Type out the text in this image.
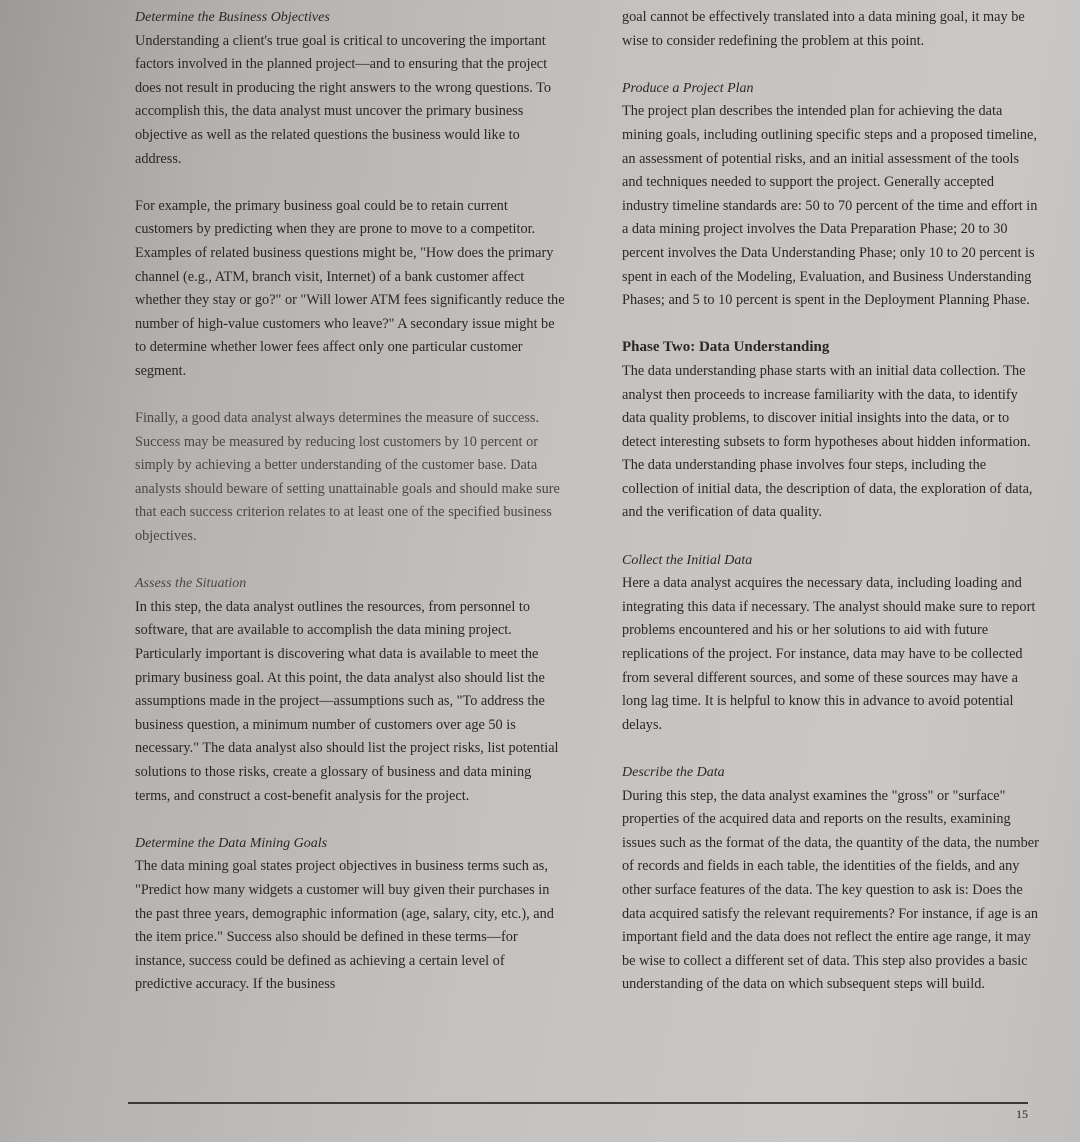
Determine the Business Objectives

Understanding a client's true goal is critical to uncovering the important factors involved in the planned project—and to ensuring that the project does not result in producing the right answers to the wrong questions. To accomplish this, the data analyst must uncover the primary business objective as well as the related questions the business would like to address.

For example, the primary business goal could be to retain current customers by predicting when they are prone to move to a competitor. Examples of related business questions might be, "How does the primary channel (e.g., ATM, branch visit, Internet) of a bank customer affect whether they stay or go?" or "Will lower ATM fees significantly reduce the number of high-value customers who leave?" A secondary issue might be to determine whether lower fees affect only one particular customer segment.

Finally, a good data analyst always determines the measure of success. Success may be measured by reducing lost customers by 10 percent or simply by achieving a better understanding of the customer base. Data analysts should beware of setting unattainable goals and should make sure that each success criterion relates to at least one of the specified business objectives.

Assess the Situation

In this step, the data analyst outlines the resources, from personnel to software, that are available to accomplish the data mining project. Particularly important is discovering what data is available to meet the primary business goal. At this point, the data analyst also should list the assumptions made in the project—assumptions such as, "To address the business question, a minimum number of customers over age 50 is necessary." The data analyst also should list the project risks, list potential solutions to those risks, create a glossary of business and data mining terms, and construct a cost-benefit analysis for the project.

Determine the Data Mining Goals

The data mining goal states project objectives in business terms such as, "Predict how many widgets a customer will buy given their purchases in the past three years, demographic information (age, salary, city, etc.), and the item price." Success also should be defined in these terms—for instance, success could be defined as achieving a certain level of predictive accuracy. If the business

goal cannot be effectively translated into a data mining goal, it may be wise to consider redefining the problem at this point.

Produce a Project Plan

The project plan describes the intended plan for achieving the data mining goals, including outlining specific steps and a proposed timeline, an assessment of potential risks, and an initial assessment of the tools and techniques needed to support the project. Generally accepted industry timeline standards are: 50 to 70 percent of the time and effort in a data mining project involves the Data Preparation Phase; 20 to 30 percent involves the Data Understanding Phase; only 10 to 20 percent is spent in each of the Modeling, Evaluation, and Business Understanding Phases; and 5 to 10 percent is spent in the Deployment Planning Phase.

Phase Two: Data Understanding

The data understanding phase starts with an initial data collection. The analyst then proceeds to increase familiarity with the data, to identify data quality problems, to discover initial insights into the data, or to detect interesting subsets to form hypotheses about hidden information. The data understanding phase involves four steps, including the collection of initial data, the description of data, the exploration of data, and the verification of data quality.

Collect the Initial Data

Here a data analyst acquires the necessary data, including loading and integrating this data if necessary. The analyst should make sure to report problems encountered and his or her solutions to aid with future replications of the project. For instance, data may have to be collected from several different sources, and some of these sources may have a long lag time. It is helpful to know this in advance to avoid potential delays.

Describe the Data

During this step, the data analyst examines the "gross" or "surface" properties of the acquired data and reports on the results, examining issues such as the format of the data, the quantity of the data, the number of records and fields in each table, the identities of the fields, and any other surface features of the data. The key question to ask is: Does the data acquired satisfy the relevant requirements? For instance, if age is an important field and the data does not reflect the entire age range, it may be wise to collect a different set of data. This step also provides a basic understanding of the data on which subsequent steps will build.

15
